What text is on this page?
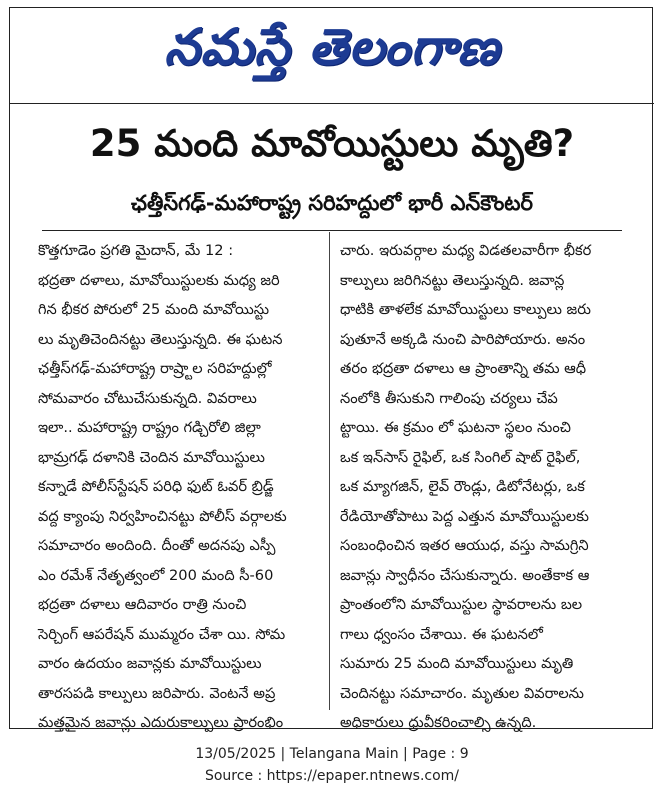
నమస్తే తెలంగాణ
25 మంది మావోయిస్టులు మృతి?
ఛత్తీస్‌గఢ్‌-మహారాష్ట్ర సరిహద్దులో భారీ ఎన్‌కౌంటర్‌
కొత్తగూడెం ప్రగతి మైదాన్‌, మే 12 :
భద్రతా దళాలు, మావోయిస్టులకు మధ్య జరి
గిన భీకర పోరులో 25 మంది మావోయిస్టు
లు మృతిచెందినట్టు తెలుస్తున్నది. ఈ ఘటన
ఛత్తీస్‌గఢ్‌-మహారాష్ట్ర రాష్ర్టాల సరిహద్దుల్లో
సోమవారం చోటుచేసుకున్నది. వివరాలు
ఇలా.. మహారాష్ట్ర రాష్ట్రం గడ్చిరోలి జిల్లా
భామ్రగఢ్‌ దళానికి చెందిన మావోయిస్టులు
కన్నాడే పోలీస్‌స్టేషన్‌ పరిధి ఫుట్‌ ఓవర్‌ బ్రిడ్జ్‌
వద్ద క్యాంపు నిర్వహించినట్టు పోలీస్‌ వర్గాలకు
సమాచారం అందింది. దీంతో అదనపు ఎస్పీ
ఎం రమేశ్‌ నేతృత్వంలో 200 మంది సీ-60
భద్రతా దళాలు ఆదివారం రాత్రి నుంచి
సెర్చింగ్‌ ఆపరేషన్‌ ముమ్మరం చేశా యి. సోమ
వారం ఉదయం జవాన్లకు మావోయిస్టులు
తారసపడి కాల్పులు జరిపారు. వెంటనే అప్ర
మత్తమైన జవాన్లు ఎదురుకాల్పులు ప్రారంభిం
చారు. ఇరువర్గాల మధ్య విడతలవారీగా భీకర
కాల్పులు జరిగినట్టు తెలుస్తున్నది. జవాన్ల
ధాటికి తాళలేక మావోయిస్టులు కాల్పులు జరు
పుతూనే అక్కడి నుంచి పారిపోయారు. అనం
తరం భద్రతా దళాలు ఆ ప్రాంతాన్ని తమ ఆధీ
నంలోకి తీసుకుని గాలింపు చర్యలు చేప
ట్టాయి. ఈ క్రమం లో ఘటనా స్థలం నుంచి
ఒక ఇన్‌సాస్‌ రైఫిల్‌, ఒక సింగిల్‌ షాట్‌ రైఫిల్‌,
ఒక మ్యాగజిన్‌, లైవ్‌ రౌండ్లు, డిటోనేటర్లు, ఒక
రేడియోతోపాటు పెద్ద ఎత్తున మావోయిస్టులకు
సంబంధించిన ఇతర ఆయుధ, వస్తు సామగ్రిని
జవాన్లు స్వాధీనం చేసుకున్నారు. అంతేకాక ఆ
ప్రాంతంలోని మావోయిస్టుల స్థావరాలను బల
గాలు ధ్వంసం చేశాయి. ఈ ఘటనలో
సుమారు 25 మంది మావోయిస్టులు మృతి
చెందినట్టు సమాచారం. మృతుల వివరాలను
అధికారులు ధ్రువీకరించాల్సి ఉన్నది.
13/05/2025 | Telangana Main | Page : 9
Source : https://epaper.ntnews.com/
